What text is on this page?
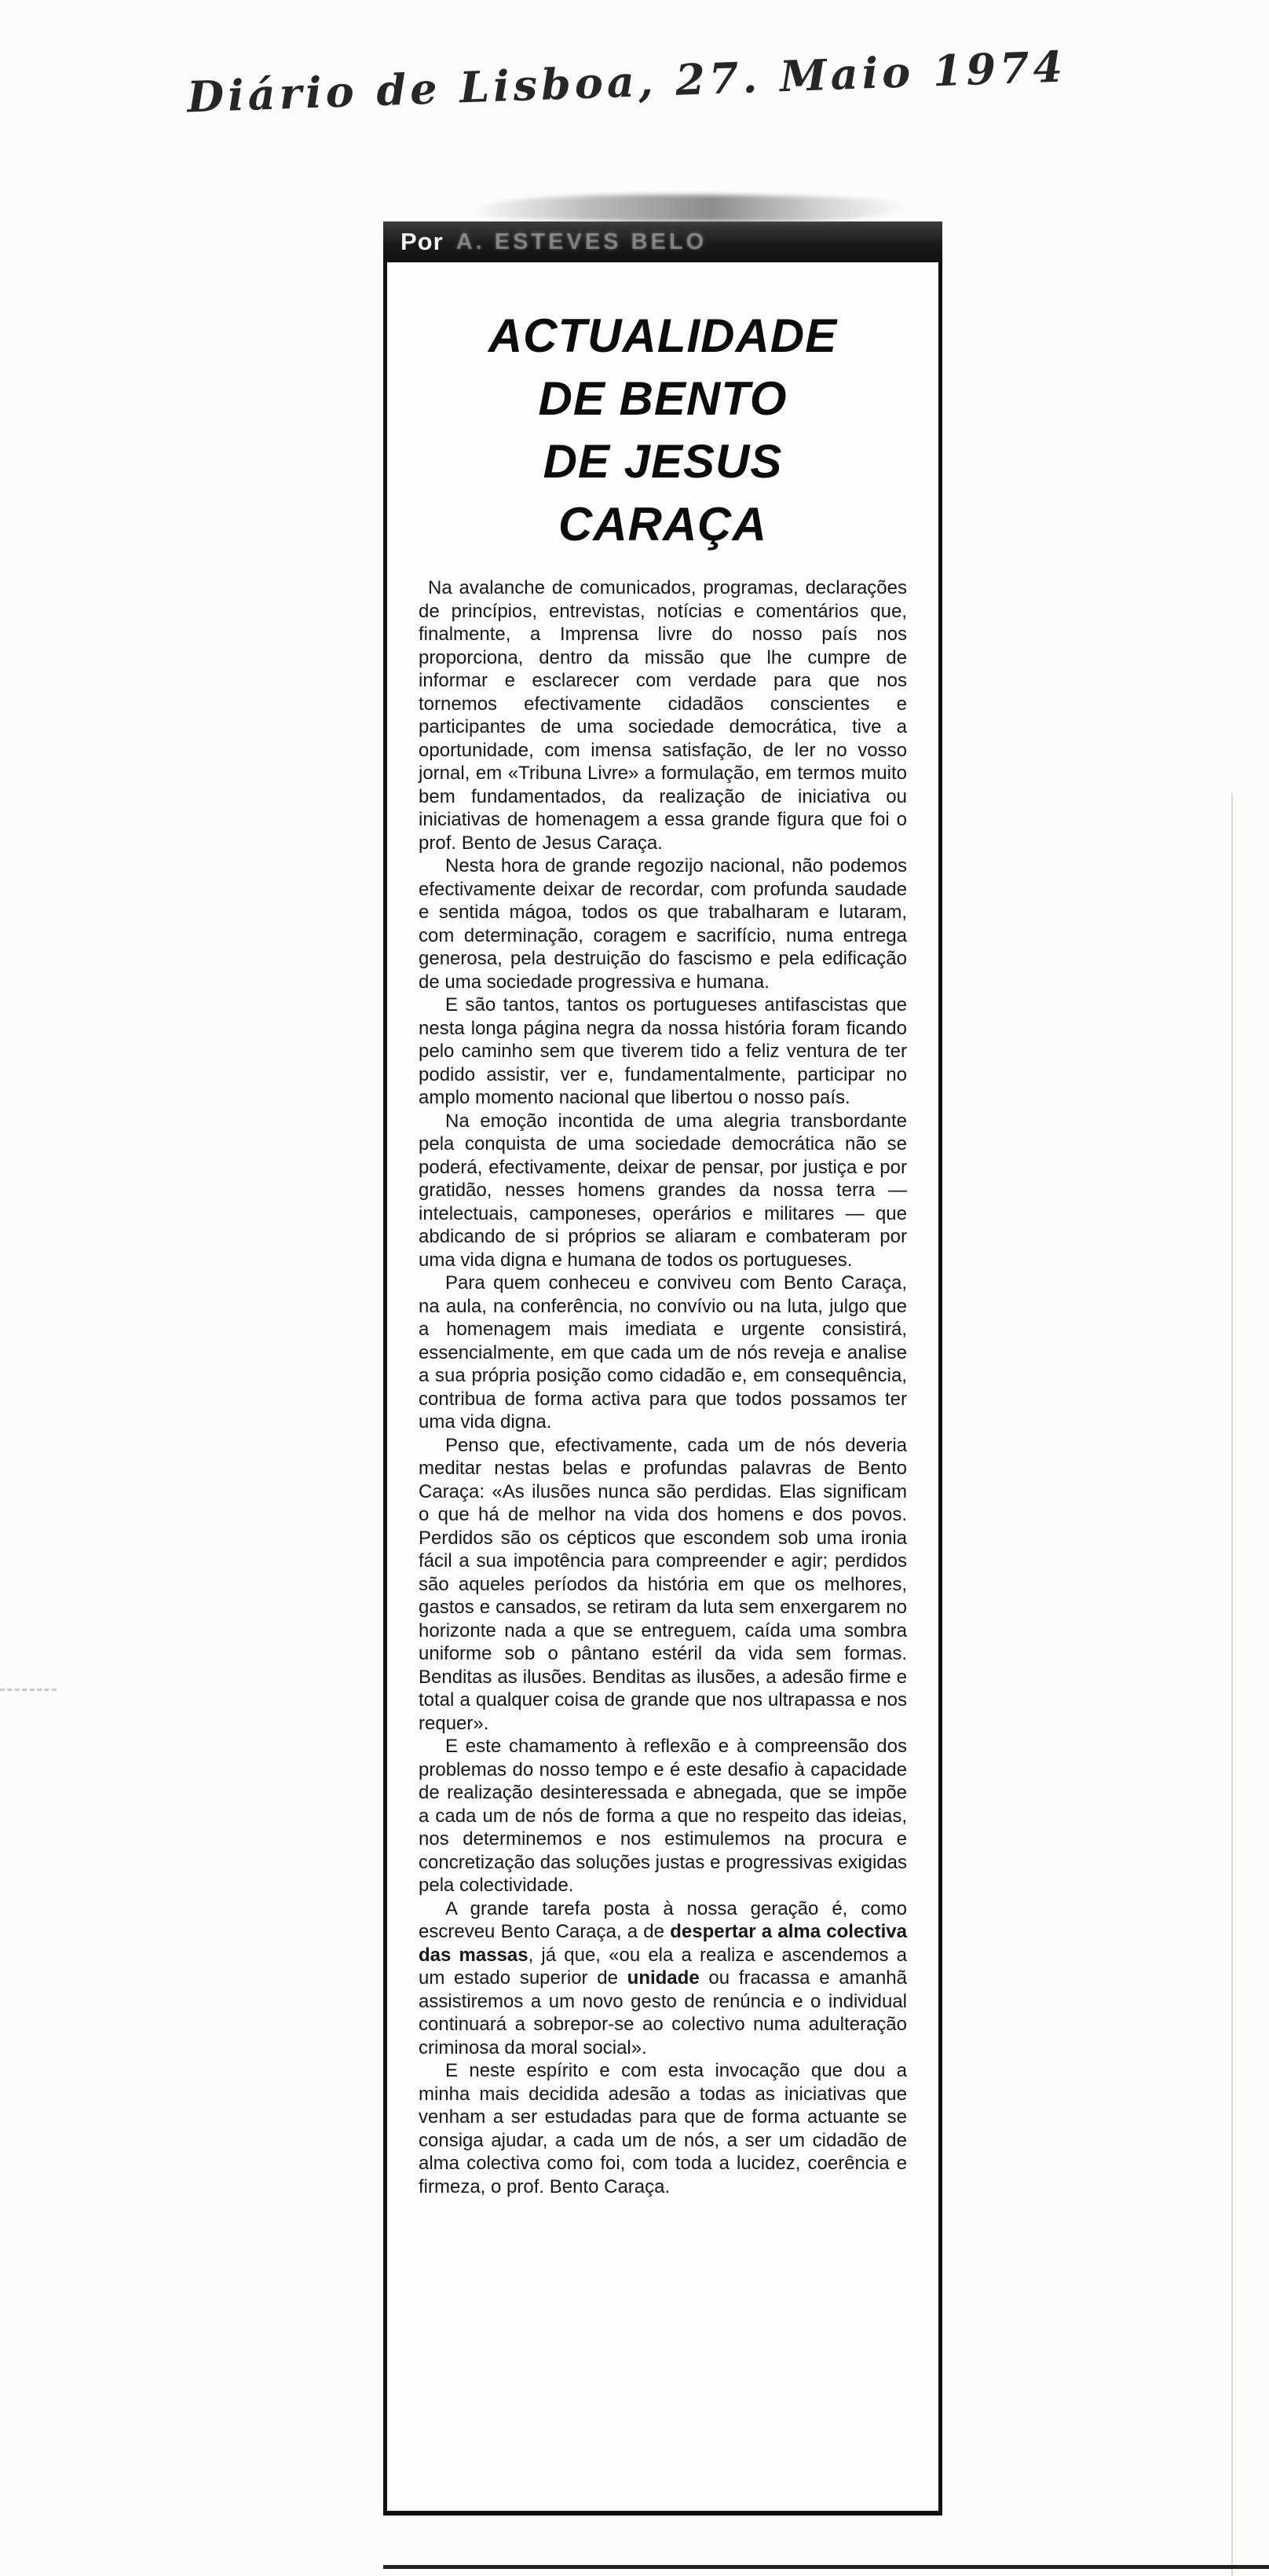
Diário de Lisboa, 27. Maio 1974
Por A. ESTEVES BELO
ACTUALIDADE
DE BENTO
DE JESUS
CARAÇA

Na avalanche de comunicados, programas, declarações de princípios, entrevistas, notícias e comentários que, finalmente, a Imprensa livre do nosso país nos proporciona, dentro da missão que lhe cumpre de informar e esclarecer com verdade para que nos tornemos efectivamente cidadãos conscientes e participantes de uma sociedade democrática, tive a oportunidade, com imensa satisfação, de ler no vosso jornal, em «Tribuna Livre» a formulação, em termos muito bem fundamentados, da realização de iniciativa ou iniciativas de homenagem a essa grande figura que foi o prof. Bento de Jesus Caraça.

Nesta hora de grande regozijo nacional, não podemos efectivamente deixar de recordar, com profunda saudade e sentida mágoa, todos os que trabalharam e lutaram, com determinação, coragem e sacrifício, numa entrega generosa, pela destruição do fascismo e pela edificação de uma sociedade progressiva e humana.

E são tantos, tantos os portugueses antifascistas que nesta longa página negra da nossa história foram ficando pelo caminho sem que tiverem tido a feliz ventura de ter podido assistir, ver e, fundamentalmente, participar no amplo momento nacional que libertou o nosso país.

Na emoção incontida de uma alegria transbordante pela conquista de uma sociedade democrática não se poderá, efectivamente, deixar de pensar, por justiça e por gratidão, nesses homens grandes da nossa terra — intelectuais, camponeses, operários e militares — que abdicando de si próprios se aliaram e combateram por uma vida digna e humana de todos os portugueses.

Para quem conheceu e conviveu com Bento Caraça, na aula, na conferência, no convívio ou na luta, julgo que a homenagem mais imediata e urgente consistirá, essencialmente, em que cada um de nós reveja e analise a sua própria posição como cidadão e, em consequência, contribua de forma activa para que todos possamos ter uma vida digna.

Penso que, efectivamente, cada um de nós deveria meditar nestas belas e profundas palavras de Bento Caraça: «As ilusões nunca são perdidas. Elas significam o que há de melhor na vida dos homens e dos povos. Perdidos são os cépticos que escondem sob uma ironia fácil a sua impotência para compreender e agir; perdidos são aqueles períodos da história em que os melhores, gastos e cansados, se retiram da luta sem enxergarem no horizonte nada a que se entreguem, caída uma sombra uniforme sob o pântano estéril da vida sem formas. Benditas as ilusões. Benditas as ilusões, a adesão firme e total a qualquer coisa de grande que nos ultrapassa e nos requer».

E este chamamento à reflexão e à compreensão dos problemas do nosso tempo e é este desafio à capacidade de realização desinteressada e abnegada, que se impõe a cada um de nós de forma a que no respeito das ideias, nos determinemos e nos estimulemos na procura e concretização das soluções justas e progressivas exigidas pela colectividade.

A grande tarefa posta à nossa geração é, como escreveu Bento Caraça, a de despertar a alma colectiva das massas, já que, «ou ela a realiza e ascendemos a um estado superior de unidade ou fracassa e amanhã assistiremos a um novo gesto de renúncia e o individual continuará a sobrepor-se ao colectivo numa adulteração criminosa da moral social».

E neste espírito e com esta invocação que dou a minha mais decidida adesão a todas as iniciativas que venham a ser estudadas para que de forma actuante se consiga ajudar, a cada um de nós, a ser um cidadão de alma colectiva como foi, com toda a lucidez, coerência e firmeza, o prof. Bento Caraça.
